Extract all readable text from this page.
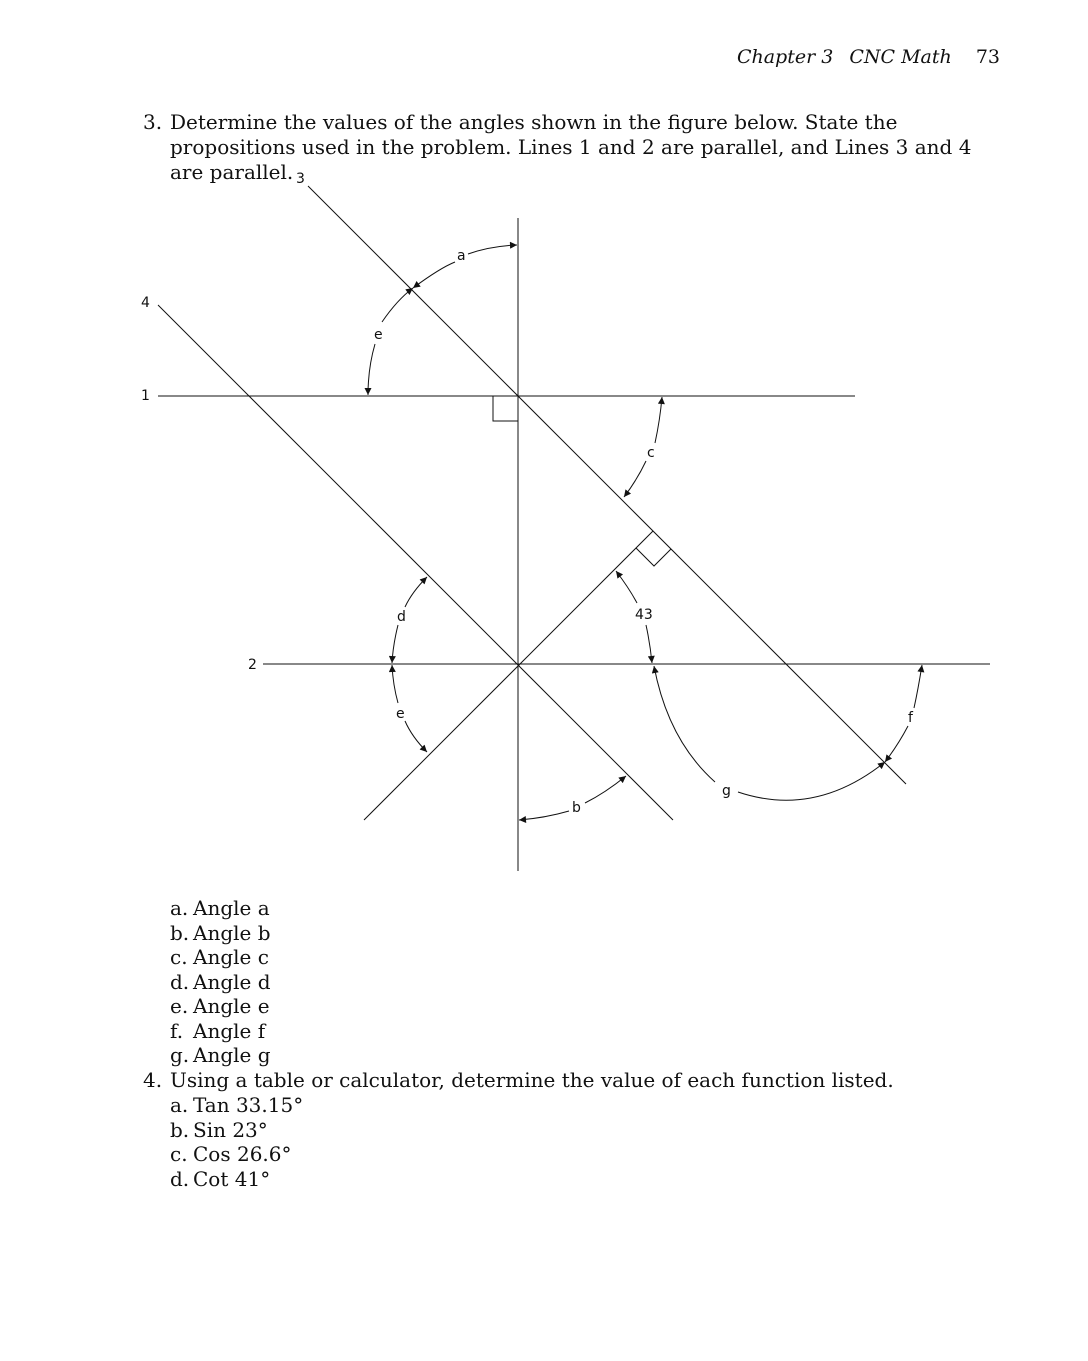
Chapter 3 CNC Math 73
3. Determine the values of the angles shown in the figure below. State the propositions used in the problem. Lines 1 and 2 are parallel, and Lines 3 and 4 are parallel. 3
4
1
2
a
e
c
d	43
e	f
g
b
a. Angle a
b. Angle b
c. Angle c
d. Angle d
e. Angle e
f. Angle f
g. Angle g
4. Using a table or calculator, determine the value of each function listed.
a. Tan 33.15°
b. Sin 23°
c. Cos 26.6°
d. Cot 41°
